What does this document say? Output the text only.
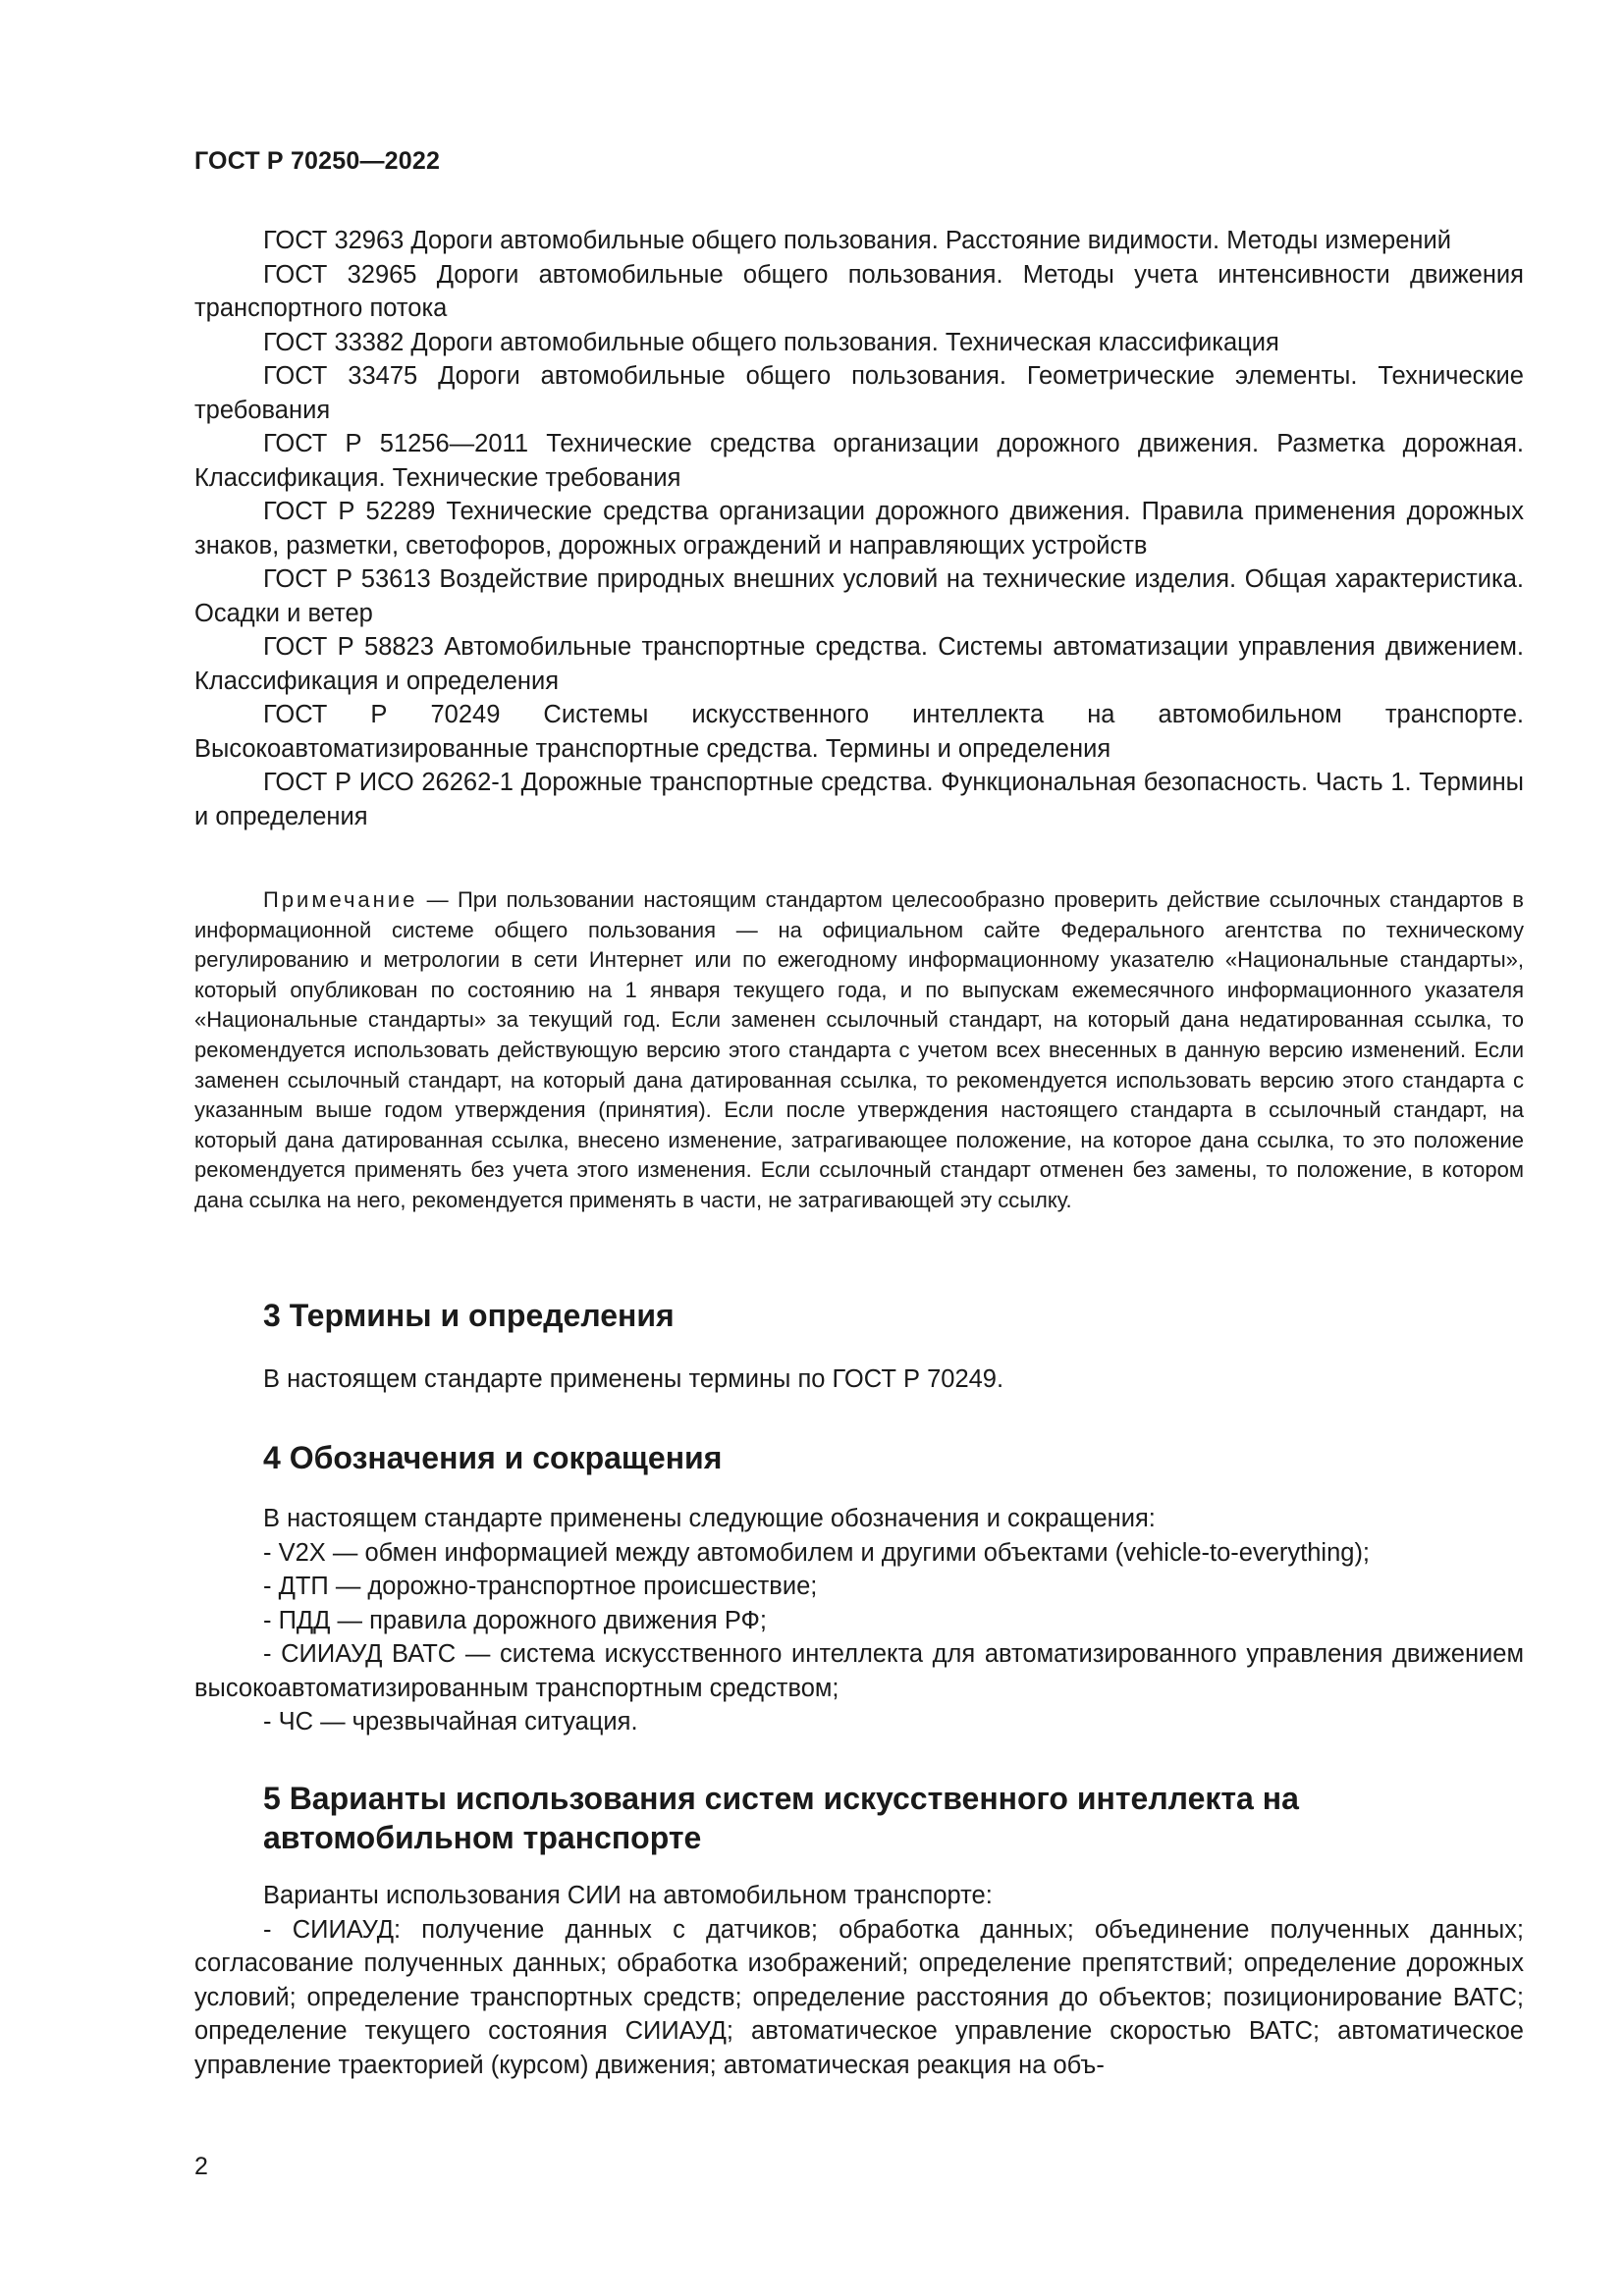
ГОСТ Р 70250—2022

ГОСТ 32963 Дороги автомобильные общего пользования. Расстояние видимости. Методы измерений

ГОСТ 32965 Дороги автомобильные общего пользования. Методы учета интенсивности движения транспортного потока

ГОСТ 33382 Дороги автомобильные общего пользования. Техническая классификация

ГОСТ 33475 Дороги автомобильные общего пользования. Геометрические элементы. Технические требования

ГОСТ Р 51256—2011 Технические средства организации дорожного движения. Разметка дорожная. Классификация. Технические требования

ГОСТ Р 52289 Технические средства организации дорожного движения. Правила применения дорожных знаков, разметки, светофоров, дорожных ограждений и направляющих устройств

ГОСТ Р 53613 Воздействие природных внешних условий на технические изделия. Общая характеристика. Осадки и ветер

ГОСТ Р 58823 Автомобильные транспортные средства. Системы автоматизации управления движением. Классификация и определения

ГОСТ Р 70249 Системы искусственного интеллекта на автомобильном транспорте. Высокоавтоматизированные транспортные средства. Термины и определения

ГОСТ Р ИСО 26262-1 Дорожные транспортные средства. Функциональная безопасность. Часть 1. Термины и определения

Примечание — При пользовании настоящим стандартом целесообразно проверить действие ссылочных стандартов в информационной системе общего пользования — на официальном сайте Федерального агентства по техническому регулированию и метрологии в сети Интернет или по ежегодному информационному указателю «Национальные стандарты», который опубликован по состоянию на 1 января текущего года, и по выпускам ежемесячного информационного указателя «Национальные стандарты» за текущий год. Если заменен ссылочный стандарт, на который дана недатированная ссылка, то рекомендуется использовать действующую версию этого стандарта с учетом всех внесенных в данную версию изменений. Если заменен ссылочный стандарт, на который дана датированная ссылка, то рекомендуется использовать версию этого стандарта с указанным выше годом утверждения (принятия). Если после утверждения настоящего стандарта в ссылочный стандарт, на который дана датированная ссылка, внесено изменение, затрагивающее положение, на которое дана ссылка, то это положение рекомендуется применять без учета этого изменения. Если ссылочный стандарт отменен без замены, то положение, в котором дана ссылка на него, рекомендуется применять в части, не затрагивающей эту ссылку.
3 Термины и определения
В настоящем стандарте применены термины по ГОСТ Р 70249.
4 Обозначения и сокращения

В настоящем стандарте применены следующие обозначения и сокращения:

- V2X — обмен информацией между автомобилем и другими объектами (vehicle-to-everything);

- ДТП — дорожно-транспортное происшествие;

- ПДД — правила дорожного движения РФ;

- СИИАУД ВАТС — система искусственного интеллекта для автоматизированного управления движением высокоавтоматизированным транспортным средством;

- ЧС — чрезвычайная ситуация.

5 Варианты использования систем искусственного интеллекта на автомобильном транспорте

Варианты использования СИИ на автомобильном транспорте:

- СИИАУД: получение данных с датчиков; обработка данных; объединение полученных данных; согласование полученных данных; обработка изображений; определение препятствий; определение дорожных условий; определение транспортных средств; определение расстояния до объектов; позиционирование ВАТС; определение текущего состояния СИИАУД; автоматическое управление скоростью ВАТС; автоматическое управление траекторией (курсом) движения; автоматическая реакция на объ-

2
